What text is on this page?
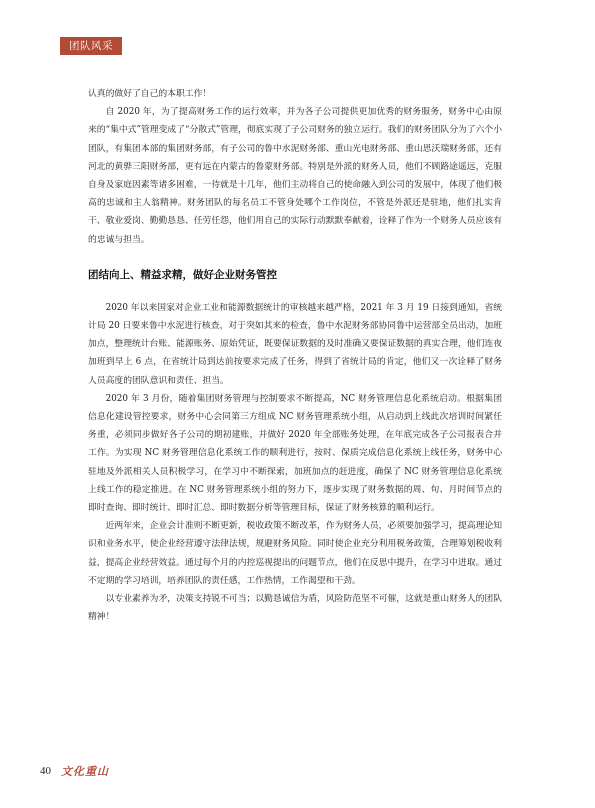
团队风采

认真的做好了自己的本职工作！

自 2020 年，为了提高财务工作的运行效率，并为各子公司提供更加优秀的财务服务，财务中心由原来的“集中式”管理变成了“分散式”管理，彻底实现了子公司财务的独立运行。我们的财务团队分为了六个小团队，有集团本部的集团财务部，有子公司的鲁中水泥财务部、重山光电财务部、重山思沃瑞财务部，还有河北的黄骅三阳财务部，更有远在内蒙古的鲁蒙财务部。特别是外派的财务人员，他们不顾路途遥远，克服自身及家庭因素等诸多困难，一待就是十几年，他们主动将自己的使命融入到公司的发展中，体现了他们极高的忠诚和主人翁精神。财务团队的每名员工不管身处哪个工作岗位，不管是外派还是驻地，他们扎实肯干、敬业爱岗、勤勤恳恳、任劳任怨，他们用自己的实际行动默默奉献着，诠释了作为一个财务人员应该有的忠诚与担当。

团结向上、精益求精，做好企业财务管控

2020 年以来国家对企业工业和能源数据统计的审核越来越严格，2021 年 3 月 19 日接到通知，省统计局 20 日要来鲁中水泥进行核查，对于突如其来的检查，鲁中水泥财务部协同鲁中运营部全员出动，加班加点，整理统计台账、能源账务、原始凭证，既要保证数据的及时准确又要保证数据的真实合理，他们连夜加班到早上 6 点，在省统计局到达前按要求完成了任务，得到了省统计局的肯定，他们又一次诠释了财务人员高度的团队意识和责任、担当。

2020 年 3 月份，随着集团财务管理与控制要求不断提高，NC 财务管理信息化系统启动。根据集团信息化建设管控要求，财务中心会同第三方组成 NC 财务管理系统小组，从启动到上线此次培训时间紧任务重，必须同步做好各子公司的期初建账，并做好 2020 年全部账务处理，在年底完成各子公司报表合并工作。为实现 NC 财务管理信息化系统工作的顺利进行，按时、保质完成信息化系统上线任务，财务中心驻地及外派相关人员积极学习，在学习中不断探索，加班加点的赶进度，确保了 NC 财务管理信息化系统上线工作的稳定推进。在 NC 财务管理系统小组的努力下，逐步实现了财务数据的周、旬、月时间节点的即时查询、即时统计、即时汇总、即时数据分析等管理目标，保证了财务核算的顺利运行。

近两年来，企业会计准则不断更新，税收政策不断改革，作为财务人员，必须要加强学习，提高理论知识和业务水平，使企业经营遵守法律法规，规避财务风险。同时使企业充分利用税务政策，合理筹划税收利益，提高企业经营效益。通过每个月的内控巡视提出的问题节点，他们在反思中提升，在学习中进取。通过不定期的学习培训，培养团队的责任感，工作热情，工作渴望和干劲。

以专业素养为矛，决策支持锐不可当；以勤恳诚信为盾，风险防范坚不可催，这就是重山财务人的团队精神！

40 文化重山
